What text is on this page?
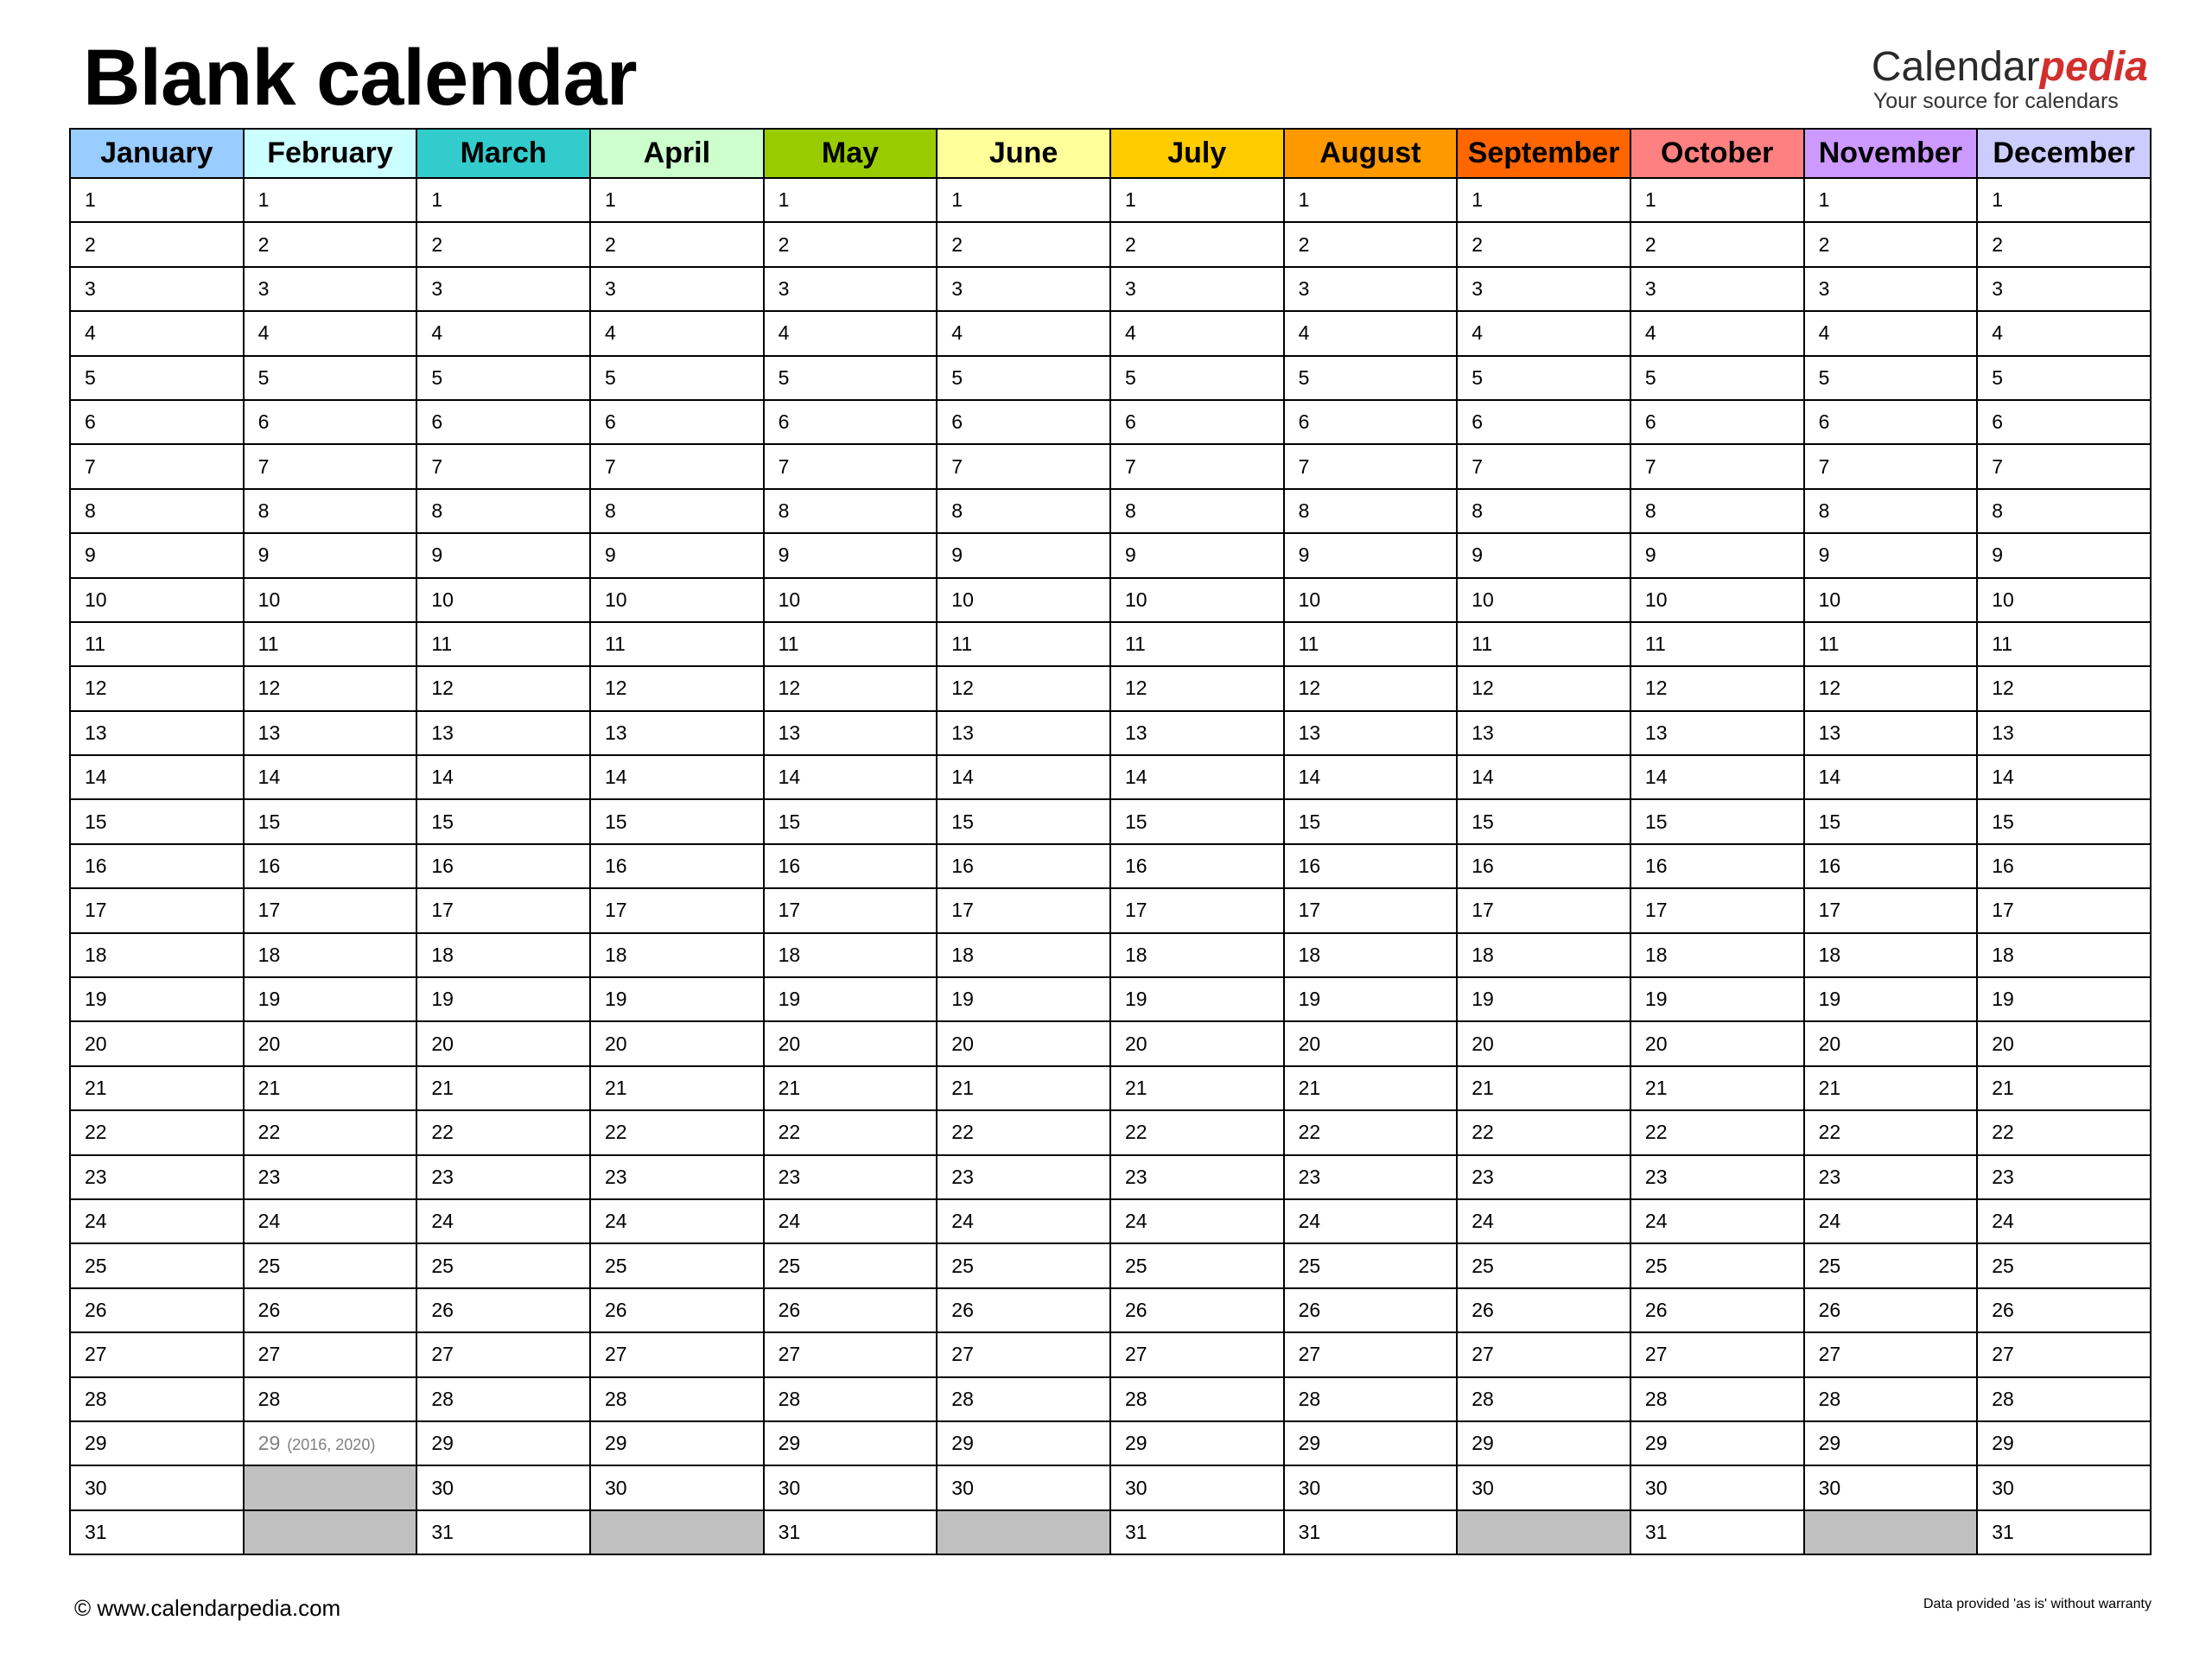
Blank calendar	Calendarpedia
Your source for calendars
January	February	March	April	May	June	July	August	September	October	November	December
1	1	1	1	1	1	1	1	1	1	1	1
2	2	2	2	2	2	2	2	2	2	2	2
3	3	3	3	3	3	3	3	3	3	3	3
4	4	4	4	4	4	4	4	4	4	4	4
5	5	5	5	5	5	5	5	5	5	5	5
6	6	6	6	6	6	6	6	6	6	6	6
7	7	7	7	7	7	7	7	7	7	7	7
8	8	8	8	8	8	8	8	8	8	8	8
9	9	9	9	9	9	9	9	9	9	9	9
10	10	10	10	10	10	10	10	10	10	10	10
11	11	11	11	11	11	11	11	11	11	11	11
12	12	12	12	12	12	12	12	12	12	12	12
13	13	13	13	13	13	13	13	13	13	13	13
14	14	14	14	14	14	14	14	14	14	14	14
15	15	15	15	15	15	15	15	15	15	15	15
16	16	16	16	16	16	16	16	16	16	16	16
17	17	17	17	17	17	17	17	17	17	17	17
18	18	18	18	18	18	18	18	18	18	18	18
19	19	19	19	19	19	19	19	19	19	19	19
20	20	20	20	20	20	20	20	20	20	20	20
21	21	21	21	21	21	21	21	21	21	21	21
22	22	22	22	22	22	22	22	22	22	22	22
23	23	23	23	23	23	23	23	23	23	23	23
24	24	24	24	24	24	24	24	24	24	24	24
25	25	25	25	25	25	25	25	25	25	25	25
26	26	26	26	26	26	26	26	26	26	26	26
27	27	27	27	27	27	27	27	27	27	27	27
28	28	28	28	28	28	28	28	28	28	28	28
29	29 (2016, 2020)	29	29	29	29	29	29	29	29	29	29
30		30	30	30	30	30	30	30	30	30	30
31		31		31		31	31		31		31
© www.calendarpedia.com	Data provided 'as is' without warranty
